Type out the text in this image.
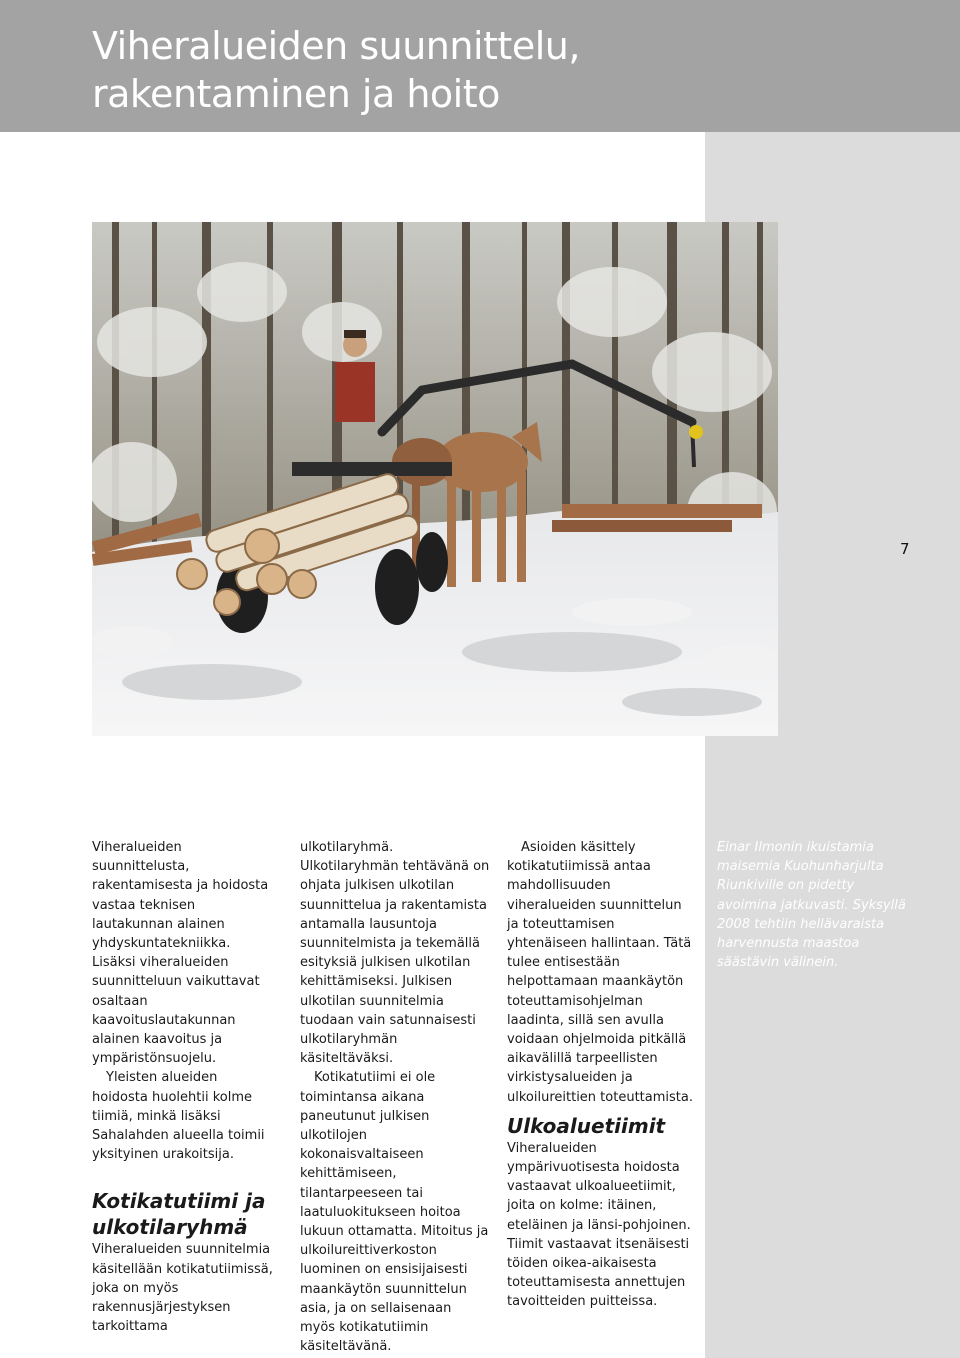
Viheralueiden suunnittelu,
rakentaminen ja hoito
7

Viheralueiden suunnittelusta, rakentamisesta ja hoidosta vastaa teknisen lautakunnan alainen yhdyskuntatekniikka. Lisäksi viheralueiden suunnitteluun vaikuttavat osaltaan kaavoituslautakunnan alainen kaavoitus ja ympäristönsuojelu.

Yleisten alueiden hoidosta huolehtii kolme tiimiä, minkä lisäksi Sahalahden alueella toimii yksityinen urakoitsija.

Kotikatutiimi ja ulkotilaryhmä

Viheralueiden suunnitelmia käsitellään kotikatutiimissä, joka on myös rakennusjärjestyksen tarkoittama

ulkotilaryhmä. Ulkotilaryhmän tehtävänä on ohjata julkisen ulkotilan suunnittelua ja rakentamista antamalla lausuntoja suunnitelmista ja tekemällä esityksiä julkisen ulkotilan kehittämiseksi. Julkisen ulkotilan suunnitelmia tuodaan vain satunnaisesti ulkotilaryhmän käsiteltäväksi.

Kotikatutiimi ei ole toimintansa aikana paneutunut julkisen ulkotilojen kokonaisvaltaiseen kehittämiseen, tilantarpeeseen tai laatuluokitukseen hoitoa lukuun ottamatta. Mitoitus ja ulkoilureittiverkoston luominen on ensisijaisesti maankäytön suunnittelun asia, ja on sellaisenaan myös kotikatutiimin käsiteltävänä.

Asioiden käsittely kotikatutiimissä antaa mahdollisuuden viheralueiden suunnittelun ja toteuttamisen yhtenäiseen hallintaan. Tätä tulee entisestään helpottamaan maankäytön toteuttamisohjelman laadinta, sillä sen avulla voidaan ohjelmoida pitkällä aikavälillä tarpeellisten virkistysalueiden ja ulkoilureittien toteuttamista.

Ulkoaluetiimit

Viheralueiden ympärivuotisesta hoidosta vastaavat ulkoalueetiimit, joita on kolme: itäinen, eteläinen ja länsi-pohjoinen. Tiimit vastaavat itsenäisesti töiden oikea-aikaisesta toteuttamisesta annettujen tavoitteiden puitteissa.

Einar Ilmonin ikuistamia maisemia Kuohunharjulta Riunkiville on pidetty avoimina jatkuvasti. Syksyllä 2008 tehtiin hellävaraista harvennusta maastoa säästävin välinein.
